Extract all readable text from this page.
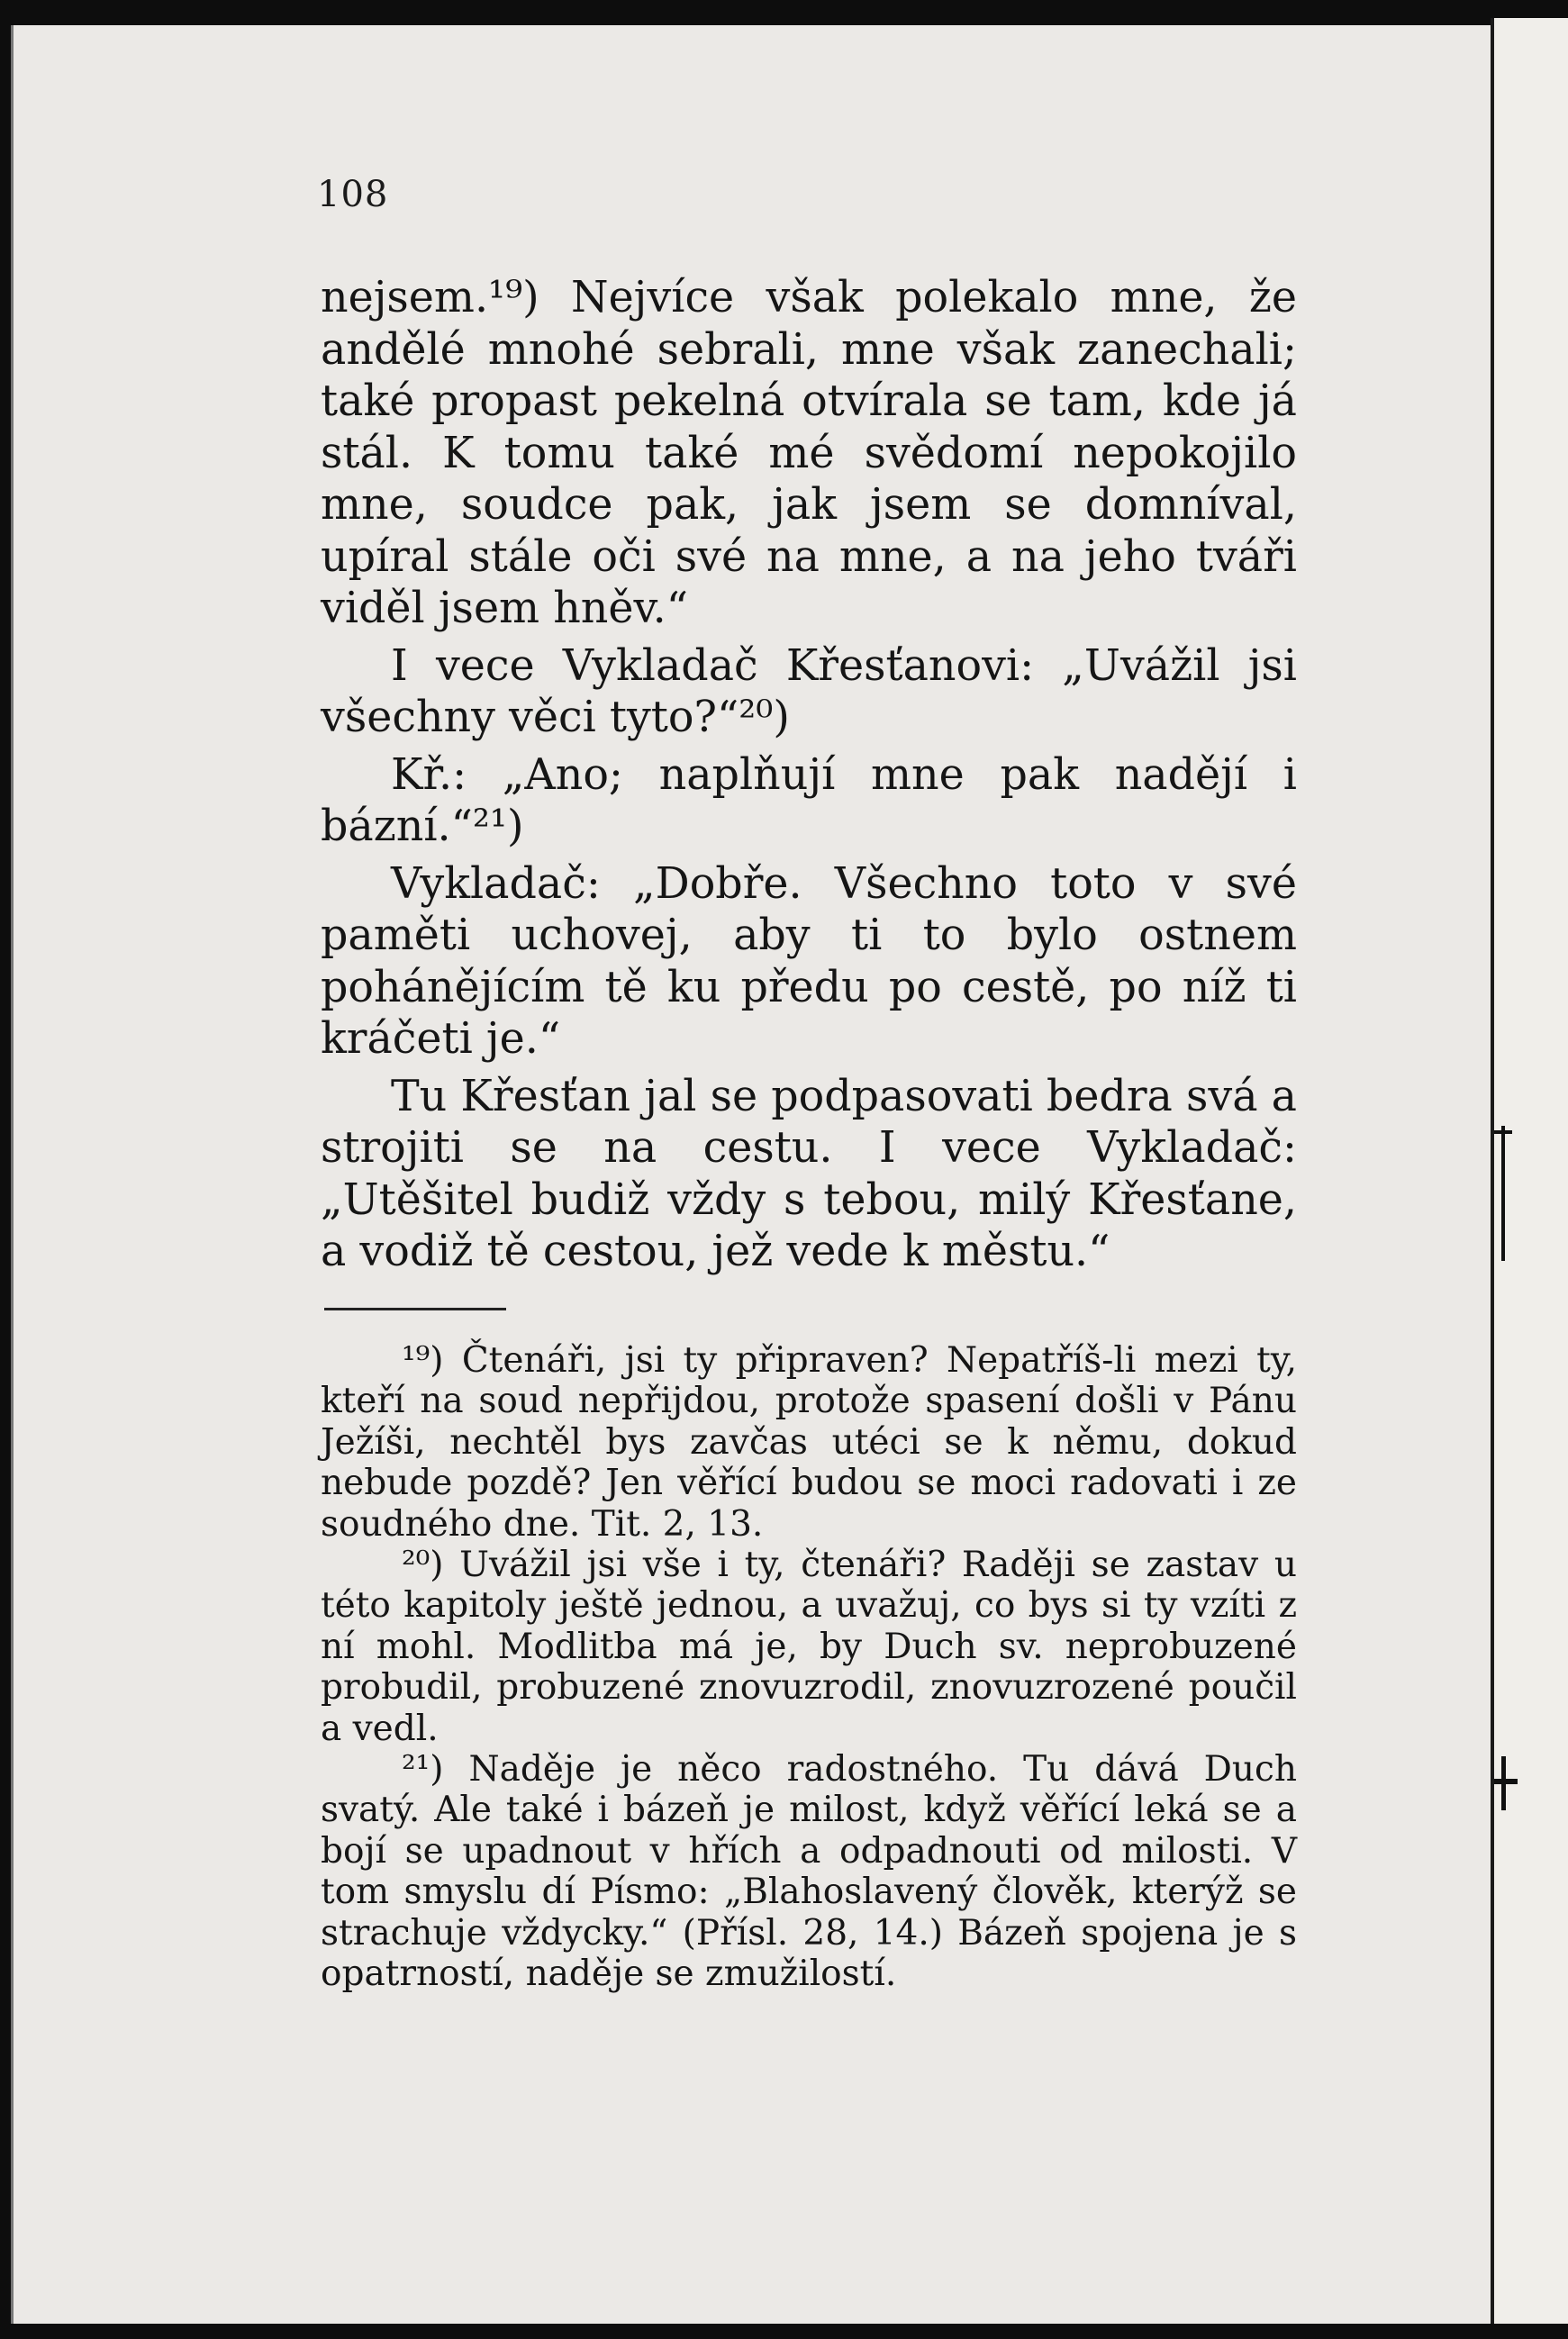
108

nejsem.¹⁹) Nejvíce však polekalo mne, že andělé mnohé sebrali, mne však zanechali; také propast pekelná otvírala se tam, kde já stál. K tomu také mé svědomí nepokojilo mne, soudce pak, jak jsem se domníval, upíral stále oči své na mne, a na jeho tváři viděl jsem hněv.“

I vece Vykladač Křesťanovi: „Uvážil jsi všechny věci tyto?“²⁰)

Kř.: „Ano; naplňují mne pak nadějí i bázní.“²¹)

Vykladač: „Dobře. Všechno toto v své paměti uchovej, aby ti to bylo ostnem pohánějícím tě ku předu po cestě, po níž ti kráčeti je.“

Tu Křesťan jal se podpasovati bedra svá a strojiti se na cestu. I vece Vykladač: „Utěšitel budiž vždy s tebou, milý Křesťane, a vodiž tě cestou, jež vede k městu.“

¹⁹) Čtenáři, jsi ty připraven? Nepatříš-li mezi ty, kteří na soud nepřijdou, protože spasení došli v Pánu Ježíši, nechtěl bys zavčas utéci se k němu, dokud nebude pozdě? Jen věřící budou se moci radovati i ze soudného dne. Tit. 2, 13.

²⁰) Uvážil jsi vše i ty, čtenáři? Raději se zastav u této kapitoly ještě jednou, a uvažuj, co bys si ty vzíti z ní mohl. Modlitba má je, by Duch sv. neprobuzené probudil, probuzené znovuzrodil, znovuzrozené poučil a vedl.

²¹) Naděje je něco radostného. Tu dává Duch svatý. Ale také i bázeň je milost, když věřící leká se a bojí se upadnout v hřích a odpadnouti od milosti. V tom smyslu dí Písmo: „Blahoslavený člověk, kterýž se strachuje vždycky.“ (Přísl. 28, 14.) Bázeň spojena je s opatrností, naděje se zmužilostí.
